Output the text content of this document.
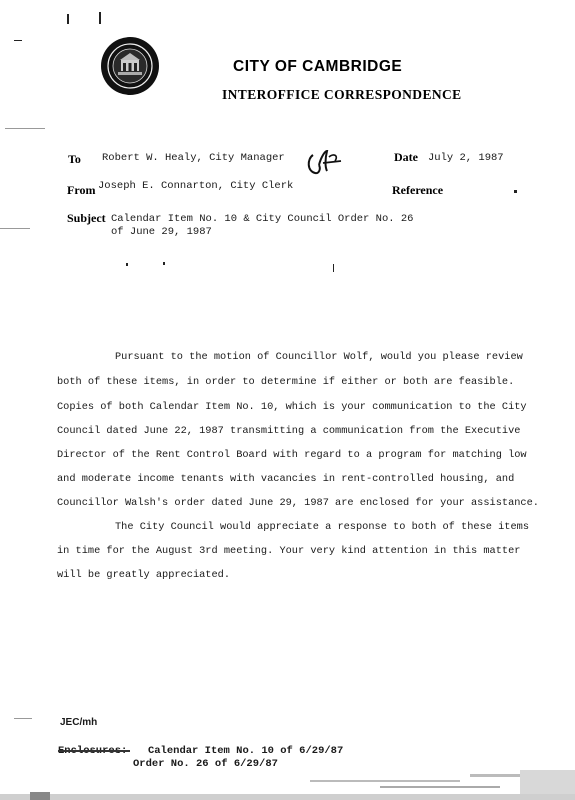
CITY OF CAMBRIDGE
INTEROFFICE CORRESPONDENCE
To Robert W. Healy, City Manager	Date July 2, 1987
From Joseph E. Connarton, City Clerk	Reference
Subject Calendar Item No. 10 & City Council Order No. 26
of June 29, 1987
Pursuant to the motion of Councillor Wolf, would you please review
both of these items, in order to determine if either or both are feasible.
Copies of both Calendar Item No. 10, which is your communication to the City
Council dated June 22, 1987 transmitting a communication from the Executive
Director of the Rent Control Board with regard to a program for matching low
and moderate income tenants with vacancies in rent-controlled housing, and
Councillor Walsh's order dated June 29, 1987 are enclosed for your assistance.
The City Council would appreciate a response to both of these items
in time for the August 3rd meeting. Your very kind attention in this matter
will be greatly appreciated.
JEC/mh
Calendar Item No. 10 of 6/29/87
Order No. 26 of 6/29/87
